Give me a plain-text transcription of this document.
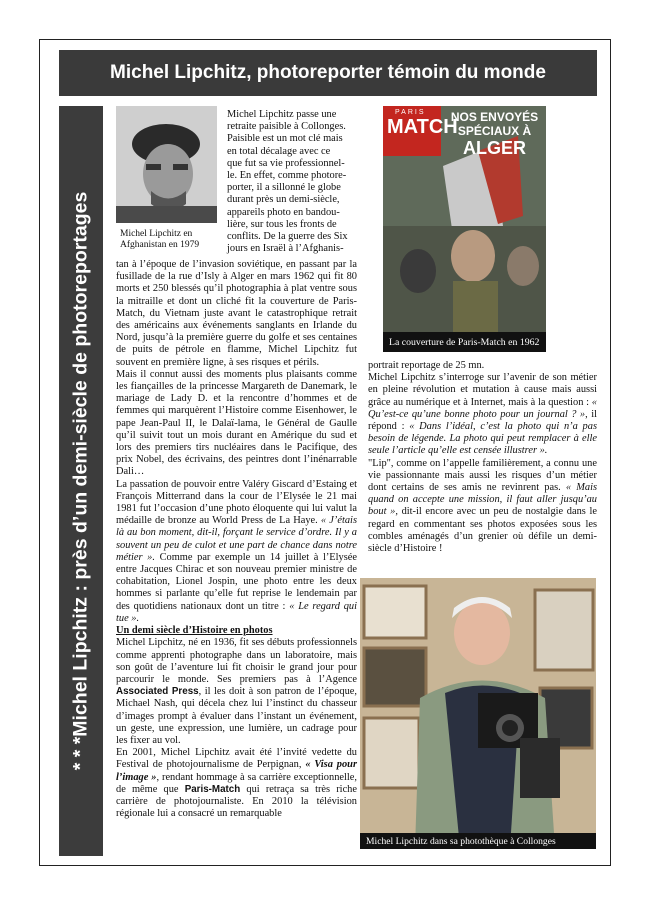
Michel Lipchitz, photoreporter témoin du monde
* * *Michel Lipchitz : près d’un demi-siècle de photoreportages	Michel Lipchitz en
Afghanistan en 1979
Michel Lipchitz passe une
retraite paisible à Collonges.
Paisible est un mot clé mais
en total décalage avec ce
que fut sa vie professionnel-
le. En effet, comme photore-
porter, il a sillonné le globe
durant près un demi-siècle,
appareils photo en bandou-
lière, sur tous les fronts de
conflits. De la guerre des Six
jours en Israël à l’Afghanis-
PARIS
MATCH
NOS ENVOYÉS
SPÉCIAUX À
ALGER
La couverture de Paris-Match en 1962

tan à l’époque de l’invasion soviétique, en passant par la fusillade de la rue d’Isly à Alger en mars 1962 qui fit 80 morts et 250 blessés qu’il photographia à plat ventre sous la mitraille et dont un cliché fit la couverture de Paris-Match, du Vietnam juste avant le catastrophique retrait des américains aux événements sanglants en Irlande du Nord, jusqu’à la première guerre du golfe et ses centaines de puits de pétrole en flamme, Michel Lipchitz fut souvent en première ligne, à ses risques et périls.

Mais il connut aussi des moments plus plaisants comme les fiançailles de la princesse Margareth de Danemark, le mariage de Lady D. et la rencontre d’hommes et de femmes qui marquèrent l’Histoire comme Eisenhower, le pape Jean-Paul II, le Dalaï-lama, le Général de Gaulle qu’il suivit tout un mois durant en Amérique du sud et lors des premiers tirs nucléaires dans le Pacifique, des prix Nobel, des écrivains, des peintres dont l’inénarrable Dali…

La passation de pouvoir entre Valéry Giscard d’Estaing et François Mitterrand dans la cour de l’Elysée le 21 mai 1981 fut l’occasion d’une photo éloquente qui lui valut la médaille de bronze au World Press de La Haye. « J’étais là au bon moment, dit-il, forçant le service d’ordre. Il y a souvent un peu de culot et une part de chance dans notre métier ». Comme par exemple un 14 juillet à l’Elysée entre Jacques Chirac et son nouveau premier ministre de cohabitation, Lionel Jospin, une photo entre les deux hommes si parlante qu’elle fut reprise le lendemain par des quotidiens nationaux dont un titre : « Le regard qui tue ».

Un demi siècle d’Histoire en photos

Michel Lipchitz, né en 1936, fit ses débuts professionnels comme apprenti photographe dans un laboratoire, mais son goût de l’aventure lui fit choisir le grand jour pour parcourir le monde. Ses premiers pas à l’Agence Associated Press, il les doit à son patron de l’époque, Michael Nash, qui décela chez lui l’instinct du chasseur d’images prompt à évaluer dans l’instant un événement, un geste, une expression, une lumière, un cadrage pour les fixer au vol.

En 2001, Michel Lipchitz avait été l’invité vedette du Festival de photojournalisme de Perpignan, « Visa pour l’image », rendant hommage à sa carrière exceptionnelle, de même que Paris-Match qui retraça sa très riche carrière de photojournaliste. En 2010 la télévision régionale lui a consacré un remarquable

portrait reportage de 25 mn.

Michel Lipchitz s’interroge sur l’avenir de son métier en pleine révolution et mutation à cause mais aussi grâce au numérique et à Internet, mais à la question : « Qu’est-ce qu’une bonne photo pour un journal ? », il répond : « Dans l’idéal, c’est la photo qui n’a pas besoin de légende. La photo qui peut remplacer à elle seule l’article qu’elle est censée illustrer ».

"Lip", comme on l’appelle familièrement, a connu une vie passionnante mais aussi les risques d’un métier dont certains de ses amis ne revinrent pas. « Mais quand on accepte une mission, il faut aller jusqu’au bout », dit-il encore avec un peu de nostalgie dans le regard en commentant ses photos exposées sous les combles aménagés d’un grenier où défile un demi-siècle d’Histoire !

Michel Lipchitz dans sa photothèque à Collonges
